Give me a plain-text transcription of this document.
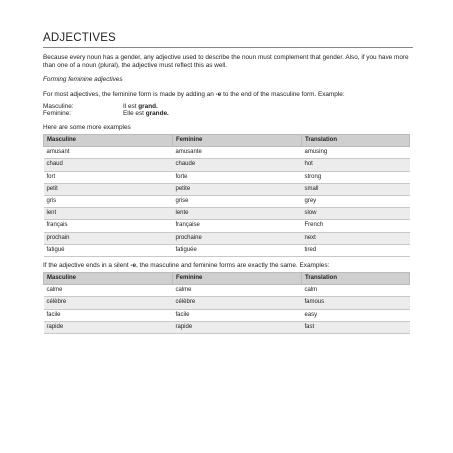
ADJECTIVES

Because every noun has a gender, any adjective used to describe the noun must complement that gender. Also, if you have more than one of a noun (plural), the adjective must reflect this as well.

Forming feminine adjectives

For most adjectives, the feminine form is made by adding an -e to the end of the masculine form. Example:

Masculine:	Il est grand.
Feminine:	Elle est grande.

Here are some more examples

Masculine	Feminine	Translation
amusant	amusante	amusing
chaud	chaude	hot
fort	forte	strong
petit	petite	small
gris	grise	grey
lent	lente	slow
français	française	French
prochain	prochaine	next
fatigué	fatiguée	tired

If the adjective ends in a silent -e, the masculine and feminine forms are exactly the same. Examples:

Masculine	Feminine	Translation
calme	calme	calm
célèbre	célèbre	famous
facile	facile	easy
rapide	rapide	fast
